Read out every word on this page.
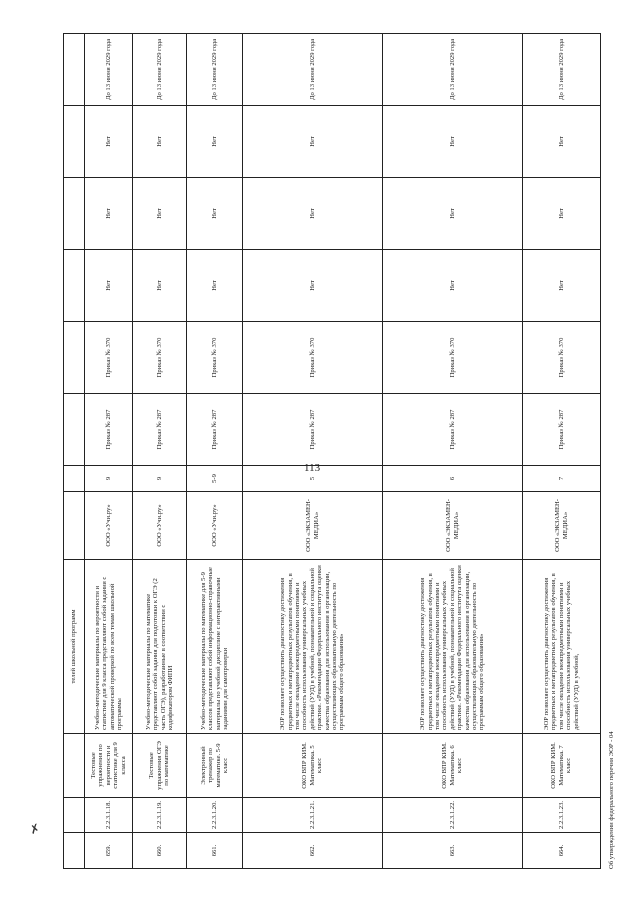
✗
113
			телей школьной программ								
659.	2.2.3.1.18.	Тестовые упражнения по вероятности и статистике для 9 класса	Учебно-методические материалы по вероятности и статистике для 9 класса представляют собой задания с автоматической проверкой по всем темам школьной программы	ООО «Учи.ру»	9	Приказ № 287	Приказ № 370	Нет	Нет	Нет	До 13 июня 2029 года
660.	2.2.3.1.19.	Тестовые упражнения ОГЭ по математике	Учебно-методические материалы по математике представляют собой задания для подготовки к ОГЭ (2 часть ОГЭ), разработанные в соответствии с кодификатором ФИПИ	ООО «Учи.ру»	9	Приказ № 287	Приказ № 370	Нет	Нет	Нет	До 13 июня 2029 года
661.	2.2.3.1.20.	Электронный тренажер по математике. 5-9 класс	Учебно-методические материалы по математике для 5-9 классов представляют собой информационно-справочные материалы по учебной дисциплине с интерактивными заданиями для самопроверки	ООО «Учи.ру»	5-9	Приказ № 287	Приказ № 370	Нет	Нет	Нет	До 13 июня 2029 года
662.	2.2.3.1.21.	ОКО ВПР КИМ. Математика. 5 класс	ЭОР позволяет осуществить диагностику достижения предметных и метапредметных результатов обучения, в том числе овладение межпредметными понятиями и способность использования универсальных учебных действий (УУД) в учебной, познавательной и социальной практике. «Рекомендации Федерального института оценки качества образования для использования в организации, осуществляющих образовательную деятельность по программам общего образования»	ООО «ЭКЗАМЕН-МЕДИА»	5	Приказ № 287	Приказ № 370	Нет	Нет	Нет	До 13 июня 2029 года
663.	2.2.3.1.22.	ОКО ВПР КИМ. Математика. 6 класс	ЭОР позволяет осуществить диагностику достижения предметных и метапредметных результатов обучения, в том числе овладение межпредметными понятиями и способность использования универсальных учебных действий (УУД) в учебной, познавательной и социальной практике. «Рекомендации Федерального института оценки качества образования для использования в организации, осуществляющих образовательную деятельность по программам общего образования»	ООО «ЭКЗАМЕН-МЕДИА»	6	Приказ № 287	Приказ № 370	Нет	Нет	Нет	До 13 июня 2029 года
664.	2.2.3.1.23.	ОКО ВПР КИМ. Математика. 7 класс	ЭОР позволяет осуществить диагностику достижения предметных и метапредметных результатов обучения, в том числе овладение межпредметными понятиями и способность использования универсальных учебных действий (УУД) в учебной,	ООО «ЭКЗАМЕН-МЕДИА»	7	Приказ № 287	Приказ № 370	Нет	Нет	Нет	До 13 июня 2029 года
Об утверждении федерального перечня ЭОР - 04
